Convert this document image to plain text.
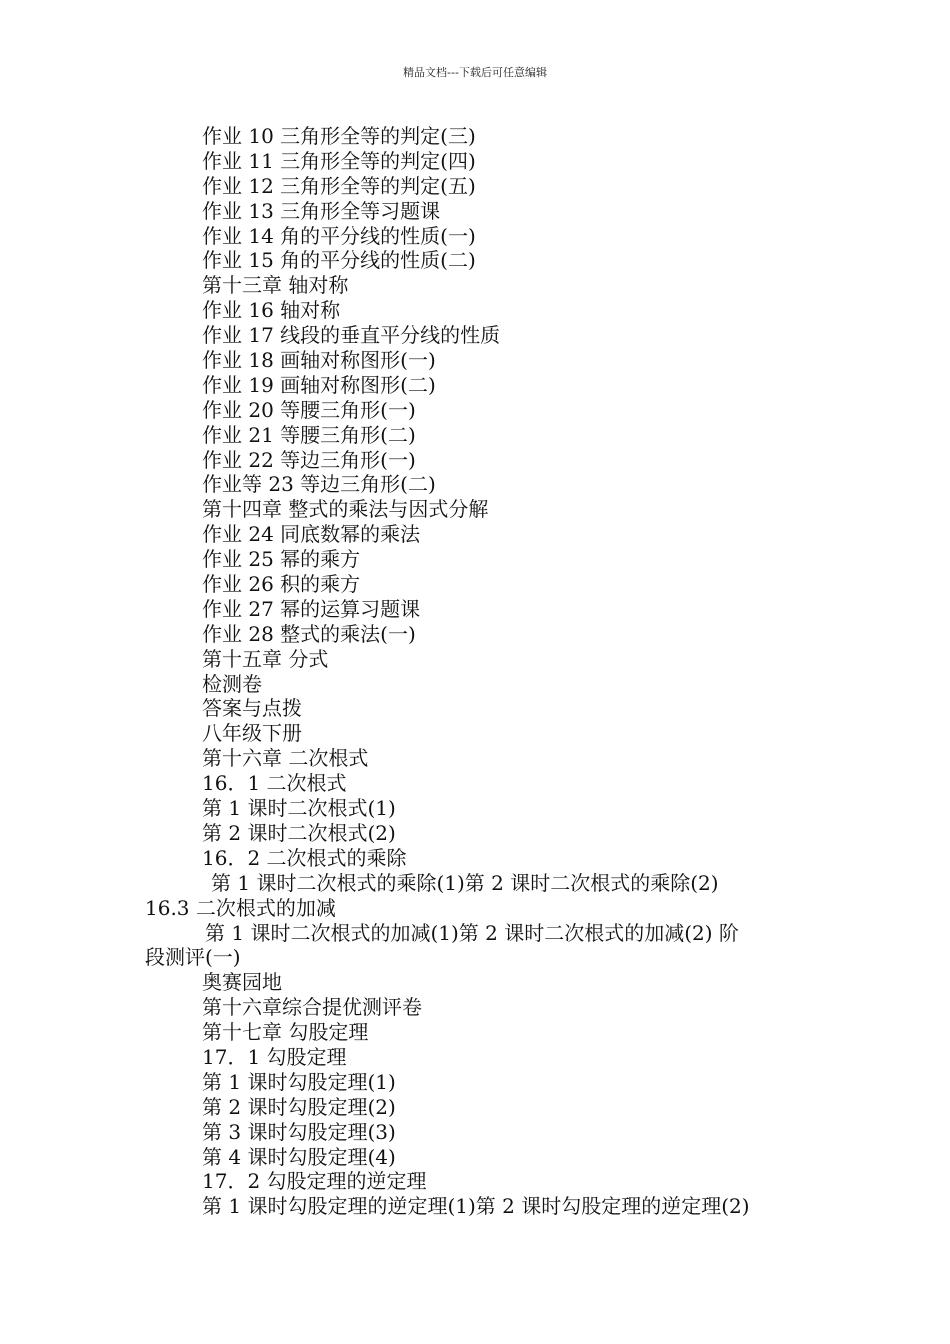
精品文档---下载后可任意编辑
作业 10 三角形全等的判定(三)
作业 11 三角形全等的判定(四)
作业 12 三角形全等的判定(五)
作业 13 三角形全等习题课
作业 14 角的平分线的性质(一)
作业 15 角的平分线的性质(二)
第十三章 轴对称
作业 16 轴对称
作业 17 线段的垂直平分线的性质
作业 18 画轴对称图形(一)
作业 19 画轴对称图形(二)
作业 20 等腰三角形(一)
作业 21 等腰三角形(二)
作业 22 等边三角形(一)
作业等 23 等边三角形(二)
第十四章 整式的乘法与因式分解
作业 24 同底数幂的乘法
作业 25 幂的乘方
作业 26 积的乘方
作业 27 幂的运算习题课
作业 28 整式的乘法(一)
第十五章 分式
检测卷
答案与点拨
八年级下册
第十六章 二次根式
16．1 二次根式
第 1 课时二次根式(1)
第 2 课时二次根式(2)
16．2 二次根式的乘除
第 1 课时二次根式的乘除(1)第 2 课时二次根式的乘除(2)
16.3 二次根式的加减
第 1 课时二次根式的加减(1)第 2 课时二次根式的加减(2) 阶
段测评(一)
奥赛园地
第十六章综合提优测评卷
第十七章 勾股定理
17．1 勾股定理
第 1 课时勾股定理(1)
第 2 课时勾股定理(2)
第 3 课时勾股定理(3)
第 4 课时勾股定理(4)
17．2 勾股定理的逆定理
第 1 课时勾股定理的逆定理(1)第 2 课时勾股定理的逆定理(2)
